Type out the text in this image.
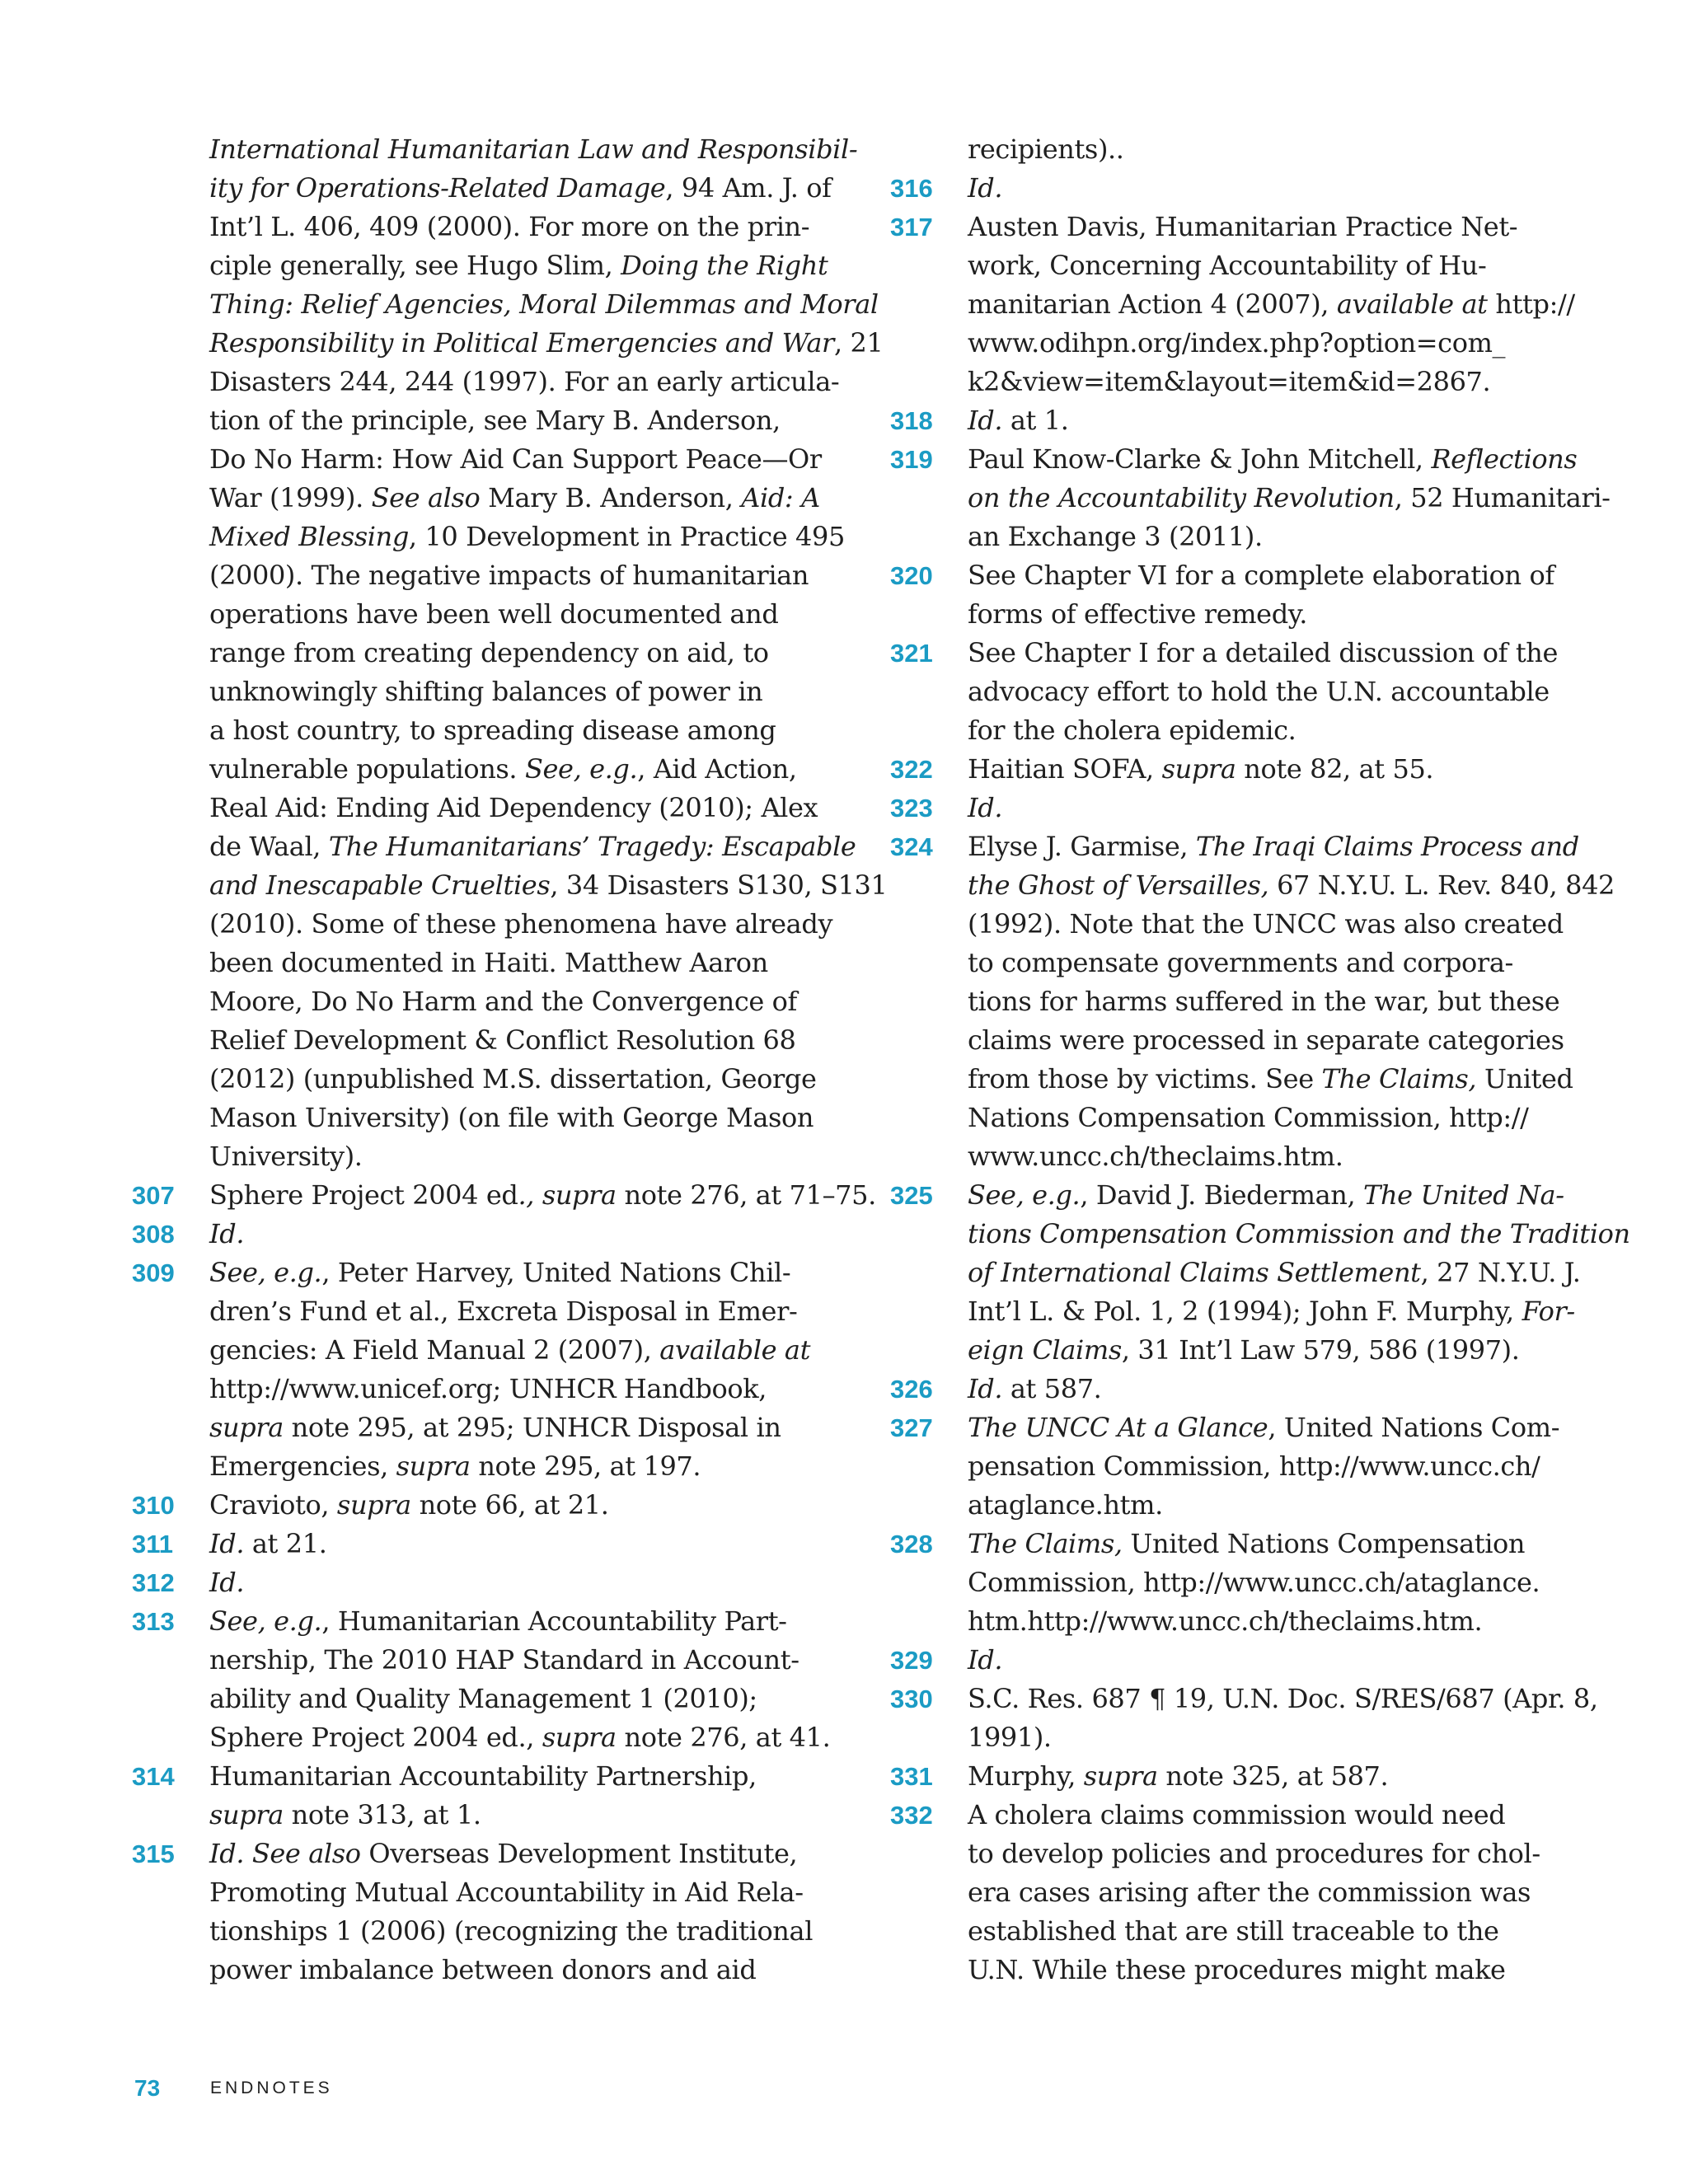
International Humanitarian Law and Responsibil-
ity for Operations-Related Damage, 94 Am. J. of
Int’l L. 406, 409 (2000). For more on the prin-
ciple generally, see Hugo Slim, Doing the Right
Thing: Relief Agencies, Moral Dilemmas and Moral
Responsibility in Political Emergencies and War, 21
Disasters 244, 244 (1997). For an early articula-
tion of the principle, see Mary B. Anderson,
Do No Harm: How Aid Can Support Peace—Or
War (1999). See also Mary B. Anderson, Aid: A
Mixed Blessing, 10 Development in Practice 495
(2000). The negative impacts of humanitarian
operations have been well documented and
range from creating dependency on aid, to
unknowingly shifting balances of power in
a host country, to spreading disease among
vulnerable populations. See, e.g., Aid Action,
Real Aid: Ending Aid Dependency (2010); Alex
de Waal, The Humanitarians’ Tragedy: Escapable
and Inescapable Cruelties, 34 Disasters S130, S131
(2010). Some of these phenomena have already
been documented in Haiti. Matthew Aaron
Moore, Do No Harm and the Convergence of
Relief Development & Conflict Resolution 68
(2012) (unpublished M.S. dissertation, George
Mason University) (on file with George Mason
University).
307 Sphere Project 2004 ed., supra note 276, at 71–75.
308 Id.
309 See, e.g., Peter Harvey, United Nations Chil-
dren’s Fund et al., Excreta Disposal in Emer-
gencies: A Field Manual 2 (2007), available at
http://www.unicef.org; UNHCR Handbook,
supra note 295, at 295; UNHCR Disposal in
Emergencies, supra note 295, at 197.
310 Cravioto, supra note 66, at 21.
311 Id. at 21.
312 Id.
313 See, e.g., Humanitarian Accountability Part-
nership, The 2010 HAP Standard in Account-
ability and Quality Management 1 (2010);
Sphere Project 2004 ed., supra note 276, at 41.
314 Humanitarian Accountability Partnership,
supra note 313, at 1.
315 Id. See also Overseas Development Institute,
Promoting Mutual Accountability in Aid Rela-
tionships 1 (2006) (recognizing the traditional
power imbalance between donors and aid
recipients)..
316 Id.
317 Austen Davis, Humanitarian Practice Net-
work, Concerning Accountability of Hu-
manitarian Action 4 (2007), available at http://
www.odihpn.org/index.php?option=com_
k2&view=item&layout=item&id=2867.
318 Id. at 1.
319 Paul Know-Clarke & John Mitchell, Reflections
on the Accountability Revolution, 52 Humanitari-
an Exchange 3 (2011).
320 See Chapter VI for a complete elaboration of
forms of effective remedy.
321 See Chapter I for a detailed discussion of the
advocacy effort to hold the U.N. accountable
for the cholera epidemic.
322 Haitian SOFA, supra note 82, at 55.
323 Id.
324 Elyse J. Garmise, The Iraqi Claims Process and
the Ghost of Versailles, 67 N.Y.U. L. Rev. 840, 842
(1992). Note that the UNCC was also created
to compensate governments and corpora-
tions for harms suffered in the war, but these
claims were processed in separate categories
from those by victims. See The Claims, United
Nations Compensation Commission, http://
www.uncc.ch/theclaims.htm.
325 See, e.g., David J. Biederman, The United Na-
tions Compensation Commission and the Tradition
of International Claims Settlement, 27 N.Y.U. J.
Int’l L. & Pol. 1, 2 (1994); John F. Murphy, For-
eign Claims, 31 Int’l Law 579, 586 (1997).
326 Id. at 587.
327 The UNCC At a Glance, United Nations Com-
pensation Commission, http://www.uncc.ch/
ataglance.htm.
328 The Claims, United Nations Compensation
Commission, http://www.uncc.ch/ataglance.
htm.http://www.uncc.ch/theclaims.htm.
329 Id.
330 S.C. Res. 687 ¶ 19, U.N. Doc. S/RES/687 (Apr. 8,
1991).
331 Murphy, supra note 325, at 587.
332 A cholera claims commission would need
to develop policies and procedures for chol-
era cases arising after the commission was
established that are still traceable to the
U.N. While these procedures might make
73	ENDNOTES
